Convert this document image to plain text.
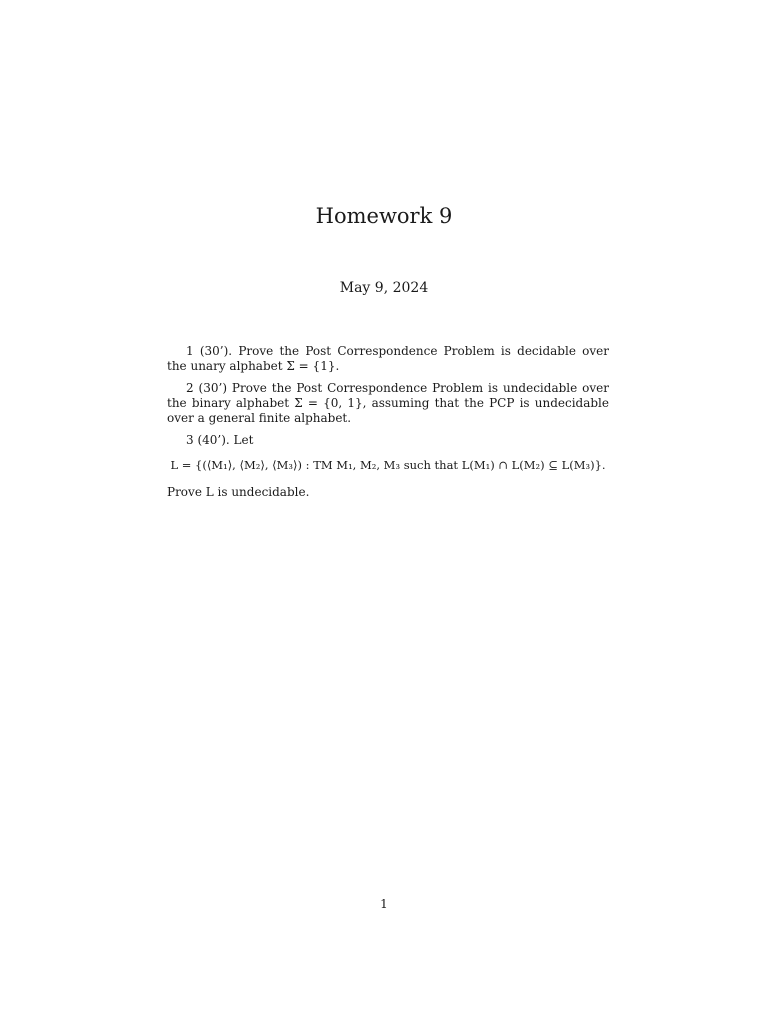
Homework 9
May 9, 2024

1 (30’). Prove the Post Correspondence Problem is decidable over the unary alphabet Σ = {1}.

2 (30’) Prove the Post Correspondence Problem is undecidable over the binary alphabet Σ = {0, 1}, assuming that the PCP is undecidable over a general finite alphabet.

3 (40’). Let

L = {(⟨M₁⟩, ⟨M₂⟩, ⟨M₃⟩) : TM M₁, M₂, M₃ such that L(M₁) ∩ L(M₂) ⊆ L(M₃)}.

Prove L is undecidable.

1
